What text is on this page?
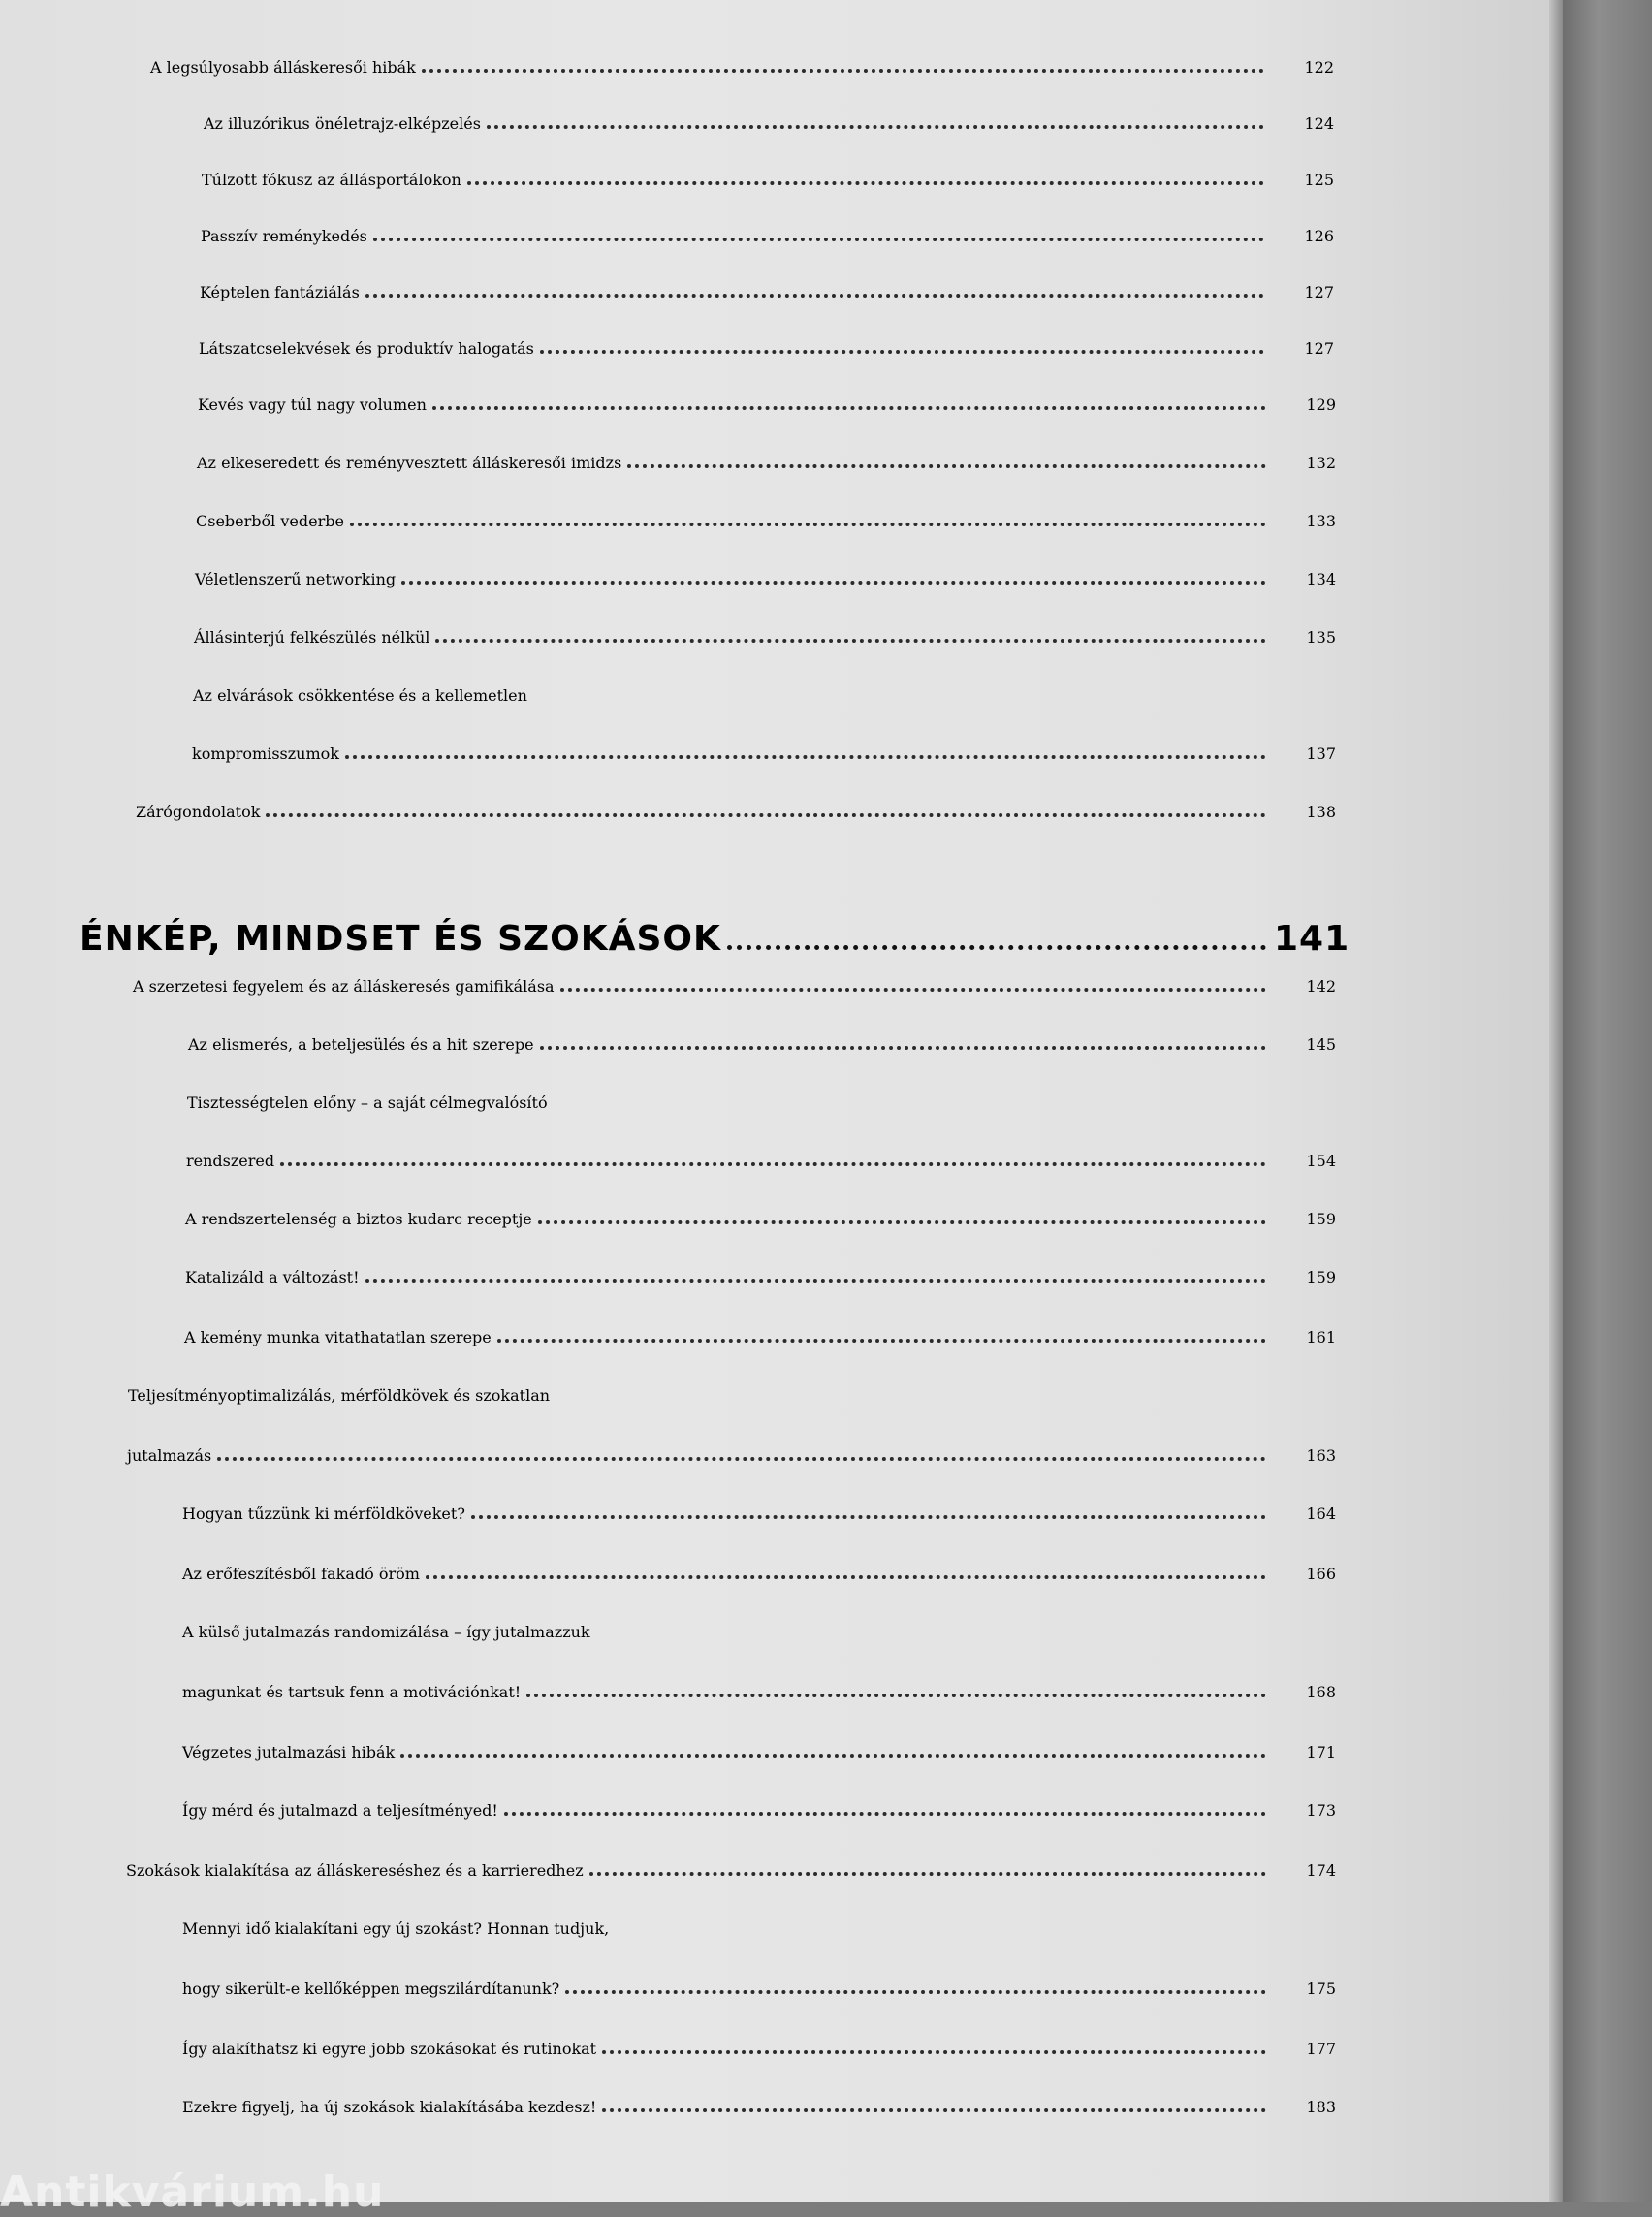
A legsúlyosabb álláskeresői hibák	122
Az illuzórikus önéletrajz-elképzelés	124
Túlzott fókusz az állásportálokon	125
Passzív reménykedés	126
Képtelen fantáziálás	127
Látszatcselekvések és produktív halogatás	127
Kevés vagy túl nagy volumen	129
Az elkeseredett és reményvesztett álláskeresői imidzs	132
Cseberből vederbe	133
Véletlenszerű networking	134
Állásinterjú felkészülés nélkül	135
Az elvárások csökkentése és a kellemetlen
kompromisszumok	137
Zárógondolatok	138
ÉNKÉP, MINDSET ÉS SZOKÁSOK	141
A szerzetesi fegyelem és az álláskeresés gamifikálása	142
Az elismerés, a beteljesülés és a hit szerepe	145
Tisztességtelen előny – a saját célmegvalósító
rendszered	154
A rendszertelenség a biztos kudarc receptje	159
Katalizáld a változást!	159
A kemény munka vitathatatlan szerepe	161
Teljesítményoptimalizálás, mérföldkövek és szokatlan
jutalmazás	163
Hogyan tűzzünk ki mérföldköveket?	164
Az erőfeszítésből fakadó öröm	166
A külső jutalmazás randomizálása – így jutalmazzuk
magunkat és tartsuk fenn a motivációnkat!	168
Végzetes jutalmazási hibák	171
Így mérd és jutalmazd a teljesítményed!	173
Szokások kialakítása az álláskereséshez és a karrieredhez	174
Mennyi idő kialakítani egy új szokást? Honnan tudjuk,
hogy sikerült-e kellőképpen megszilárdítanunk?	175
Így alakíthatsz ki egyre jobb szokásokat és rutinokat	177
Ezekre figyelj, ha új szokások kialakításába kezdesz!	183
Antikvárium.hu
